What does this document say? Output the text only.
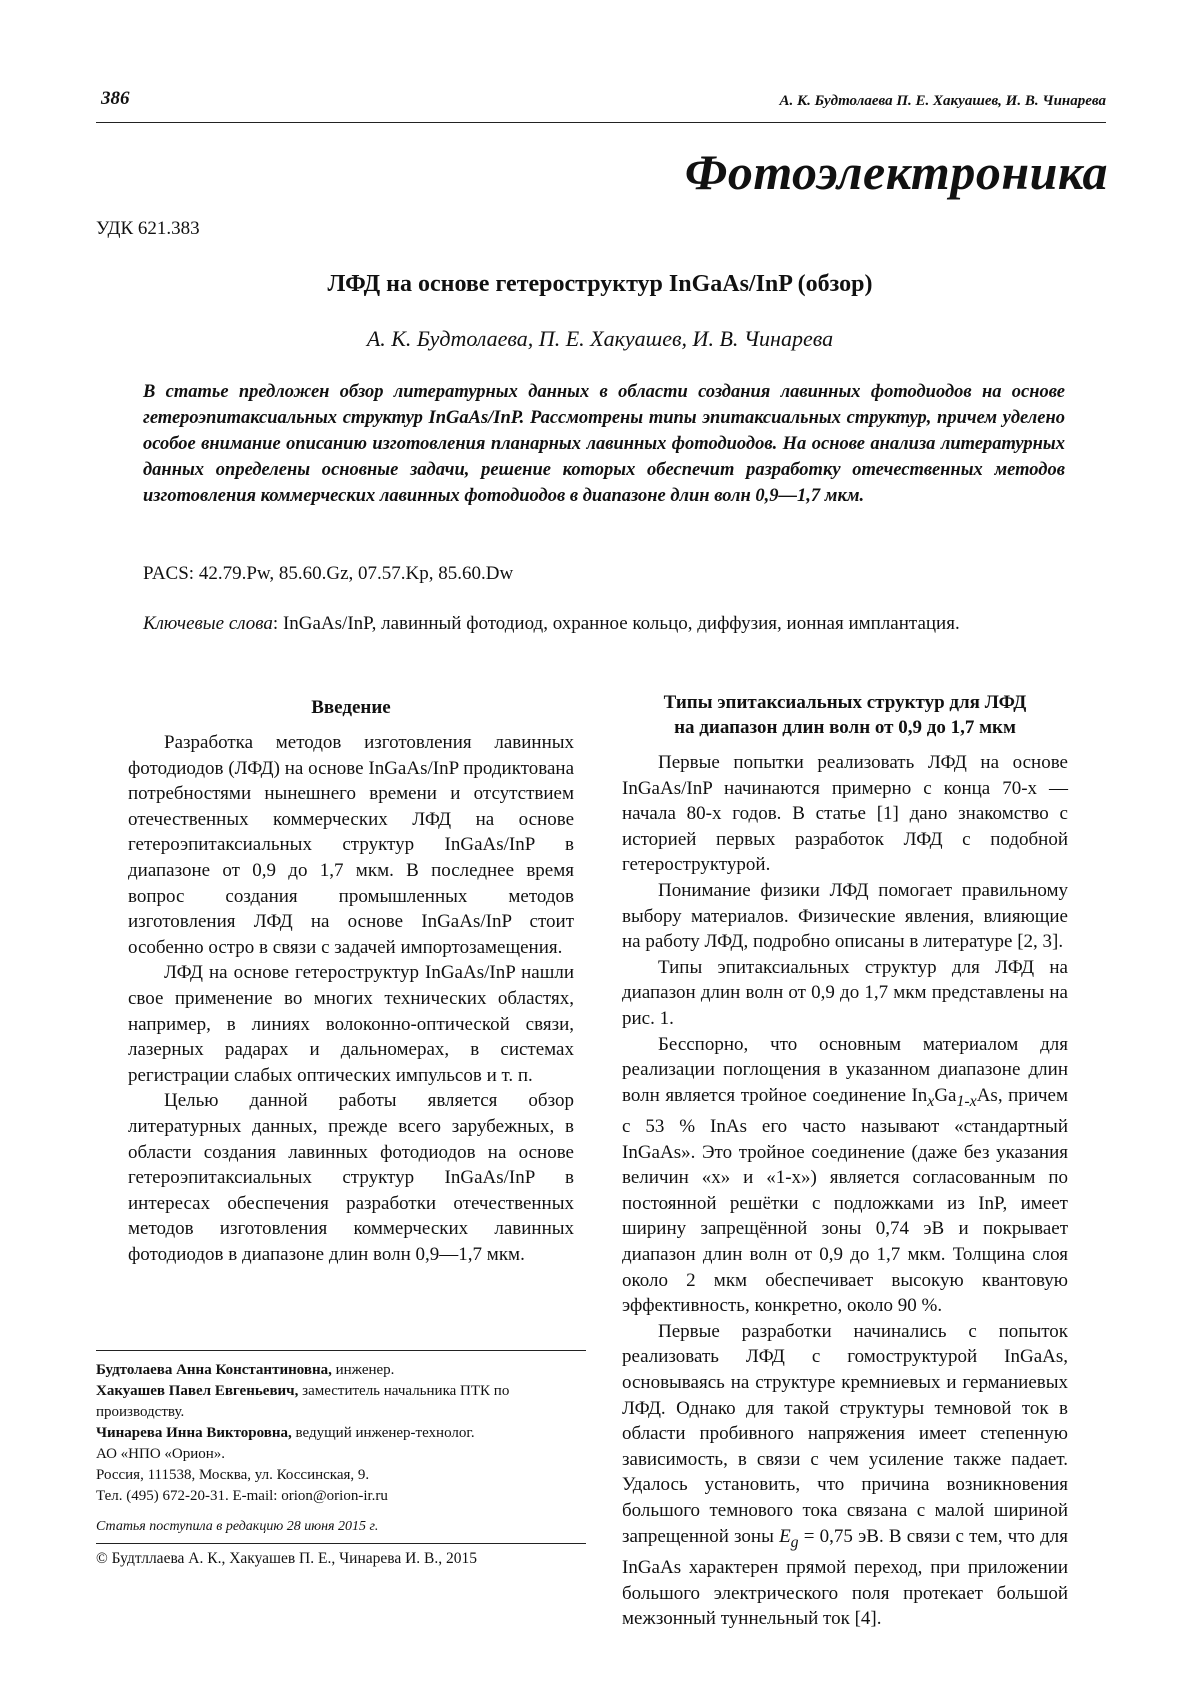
386	А. К. Будтолаева П. Е. Хакуашев, И. В. Чинарева
Фотоэлектроника
УДК 621.383
ЛФД на основе гетероструктур InGaAs/InP (обзор)
А. К. Будтолаева, П. Е. Хакуашев, И. В. Чинарева
В статье предложен обзор литературных данных в области создания лавинных фотодиодов на основе гетероэпитаксиальных структур InGaAs/InP. Рассмотрены типы эпитаксиальных структур, причем уделено особое внимание описанию изготовления планарных лавинных фотодиодов. На основе анализа литературных данных определены основные задачи, решение которых обеспечит разработку отечественных методов изготовления коммерческих лавинных фотодиодов в диапазоне длин волн 0,9—1,7 мкм.
PACS: 42.79.Pw, 85.60.Gz, 07.57.Kp, 85.60.Dw
Ключевые слова: InGaAs/InP, лавинный фотодиод, охранное кольцо, диффузия, ионная имплантация.
Введение

Разработка методов изготовления лавинных фотодиодов (ЛФД) на основе InGaAs/InP продиктована потребностями нынешнего времени и отсутствием отечественных коммерческих ЛФД на основе гетероэпитаксиальных структур InGaAs/InP в диапазоне от 0,9 до 1,7 мкм. В последнее время вопрос создания промышленных методов изготовления ЛФД на основе InGaAs/InP стоит особенно остро в связи с задачей импортозамещения.

ЛФД на основе гетероструктур InGaAs/InP нашли свое применение во многих технических областях, например, в линиях волоконно-оптической связи, лазерных радарах и дальномерах, в системах регистрации слабых оптических импульсов и т. п.

Целью данной работы является обзор литературных данных, прежде всего зарубежных, в области создания лавинных фотодиодов на основе гетероэпитаксиальных структур InGaAs/InP в интересах обеспечения разработки отечественных методов изготовления коммерческих лавинных фотодиодов в диапазоне длин волн 0,9—1,7 мкм.

Типы эпитаксиальных структур для ЛФД
на диапазон длин волн от 0,9 до 1,7 мкм

Первые попытки реализовать ЛФД на основе InGaAs/InP начинаются примерно с конца 70-х — начала 80-х годов. В статье [1] дано знакомство с историей первых разработок ЛФД с подобной гетероструктурой.

Понимание физики ЛФД помогает правильному выбору материалов. Физические явления, влияющие на работу ЛФД, подробно описаны в литературе [2, 3].

Типы эпитаксиальных структур для ЛФД на диапазон длин волн от 0,9 до 1,7 мкм представлены на рис. 1.

Бесспорно, что основным материалом для реализации поглощения в указанном диапазоне длин волн является тройное соединение $In_xGa_{1-x}As$, причем с 53 % InAs его часто называют «стандартный InGaAs». Это тройное соединение (даже без указания величин «x» и «1-x») является согласованным по постоянной решётки с подложками из InP, имеет ширину запрещённой зоны 0,74 эВ и покрывает диапазон длин волн от 0,9 до 1,7 мкм. Толщина слоя около 2 мкм обеспечивает высокую квантовую эффективность, конкретно, около 90 %.

Первые разработки начинались с попыток реализовать ЛФД с гомоструктурой InGaAs, основываясь на структуре кремниевых и германиевых ЛФД. Однако для такой структуры темновой ток в области пробивного напряжения имеет степенную зависимость, в связи с чем усиление также падает. Удалось установить, что причина возникновения большого темнового тока связана с малой шириной запрещенной зоны $E_g = 0,75$ эВ. В связи с тем, что для InGaAs характерен прямой переход, при приложении большого электрического поля протекает большой межзонный туннельный ток [4].

Будтолаева Анна Константиновна, инженер.
Хакуашев Павел Евгеньевич, заместитель начальника ПТК по производству.
Чинарева Инна Викторовна, ведущий инженер-технолог.
АО «НПО «Орион».
Россия, 111538, Москва, ул. Коссинская, 9.
Тел. (495) 672-20-31. E-mail: orion@orion-ir.ru
Статья поступила в редакцию 28 июня 2015 г.
© Будтллаева А. К., Хакуашев П. Е., Чинарева И. В., 2015
